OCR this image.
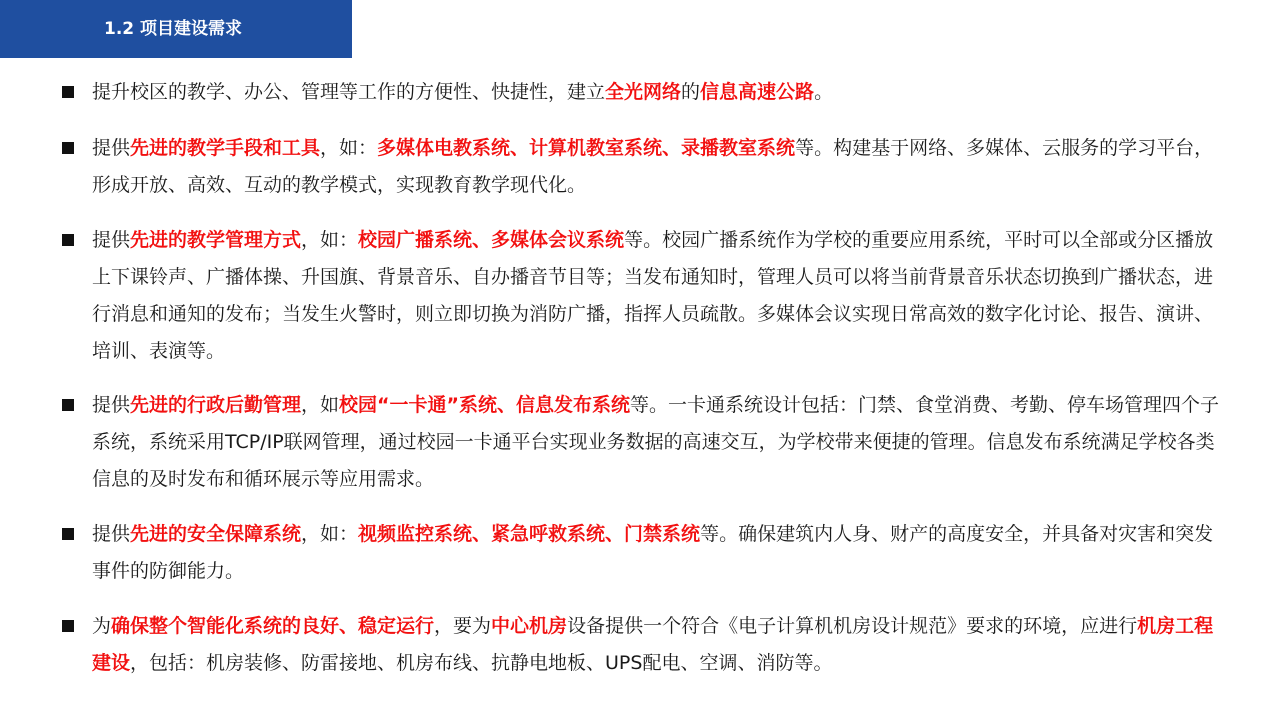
1.2 项目建设需求
提升校区的教学、办公、管理等工作的方便性、快捷性，建立全光网络的信息高速公路。
提供先进的教学手段和工具，如：多媒体电教系统、计算机教室系统、录播教室系统等。构建基于网络、多媒体、云服务的学习平台，形成开放、高效、互动的教学模式，实现教育教学现代化。
提供先进的教学管理方式，如：校园广播系统、多媒体会议系统等。校园广播系统作为学校的重要应用系统，平时可以全部或分区播放上下课铃声、广播体操、升国旗、背景音乐、自办播音节目等；当发布通知时，管理人员可以将当前背景音乐状态切换到广播状态，进行消息和通知的发布；当发生火警时，则立即切换为消防广播，指挥人员疏散。多媒体会议实现日常高效的数字化讨论、报告、演讲、培训、表演等。
提供先进的行政后勤管理，如校园“一卡通”系统、信息发布系统等。一卡通系统设计包括：门禁、食堂消费、考勤、停车场管理四个子系统，系统采用TCP/IP联网管理，通过校园一卡通平台实现业务数据的高速交互，为学校带来便捷的管理。信息发布系统满足学校各类信息的及时发布和循环展示等应用需求。
提供先进的安全保障系统，如：视频监控系统、紧急呼救系统、门禁系统等。确保建筑内人身、财产的高度安全，并具备对灾害和突发事件的防御能力。
为确保整个智能化系统的良好、稳定运行，要为中心机房设备提供一个符合《电子计算机机房设计规范》要求的环境，应进行机房工程建设，包括：机房装修、防雷接地、机房布线、抗静电地板、UPS配电、空调、消防等。
